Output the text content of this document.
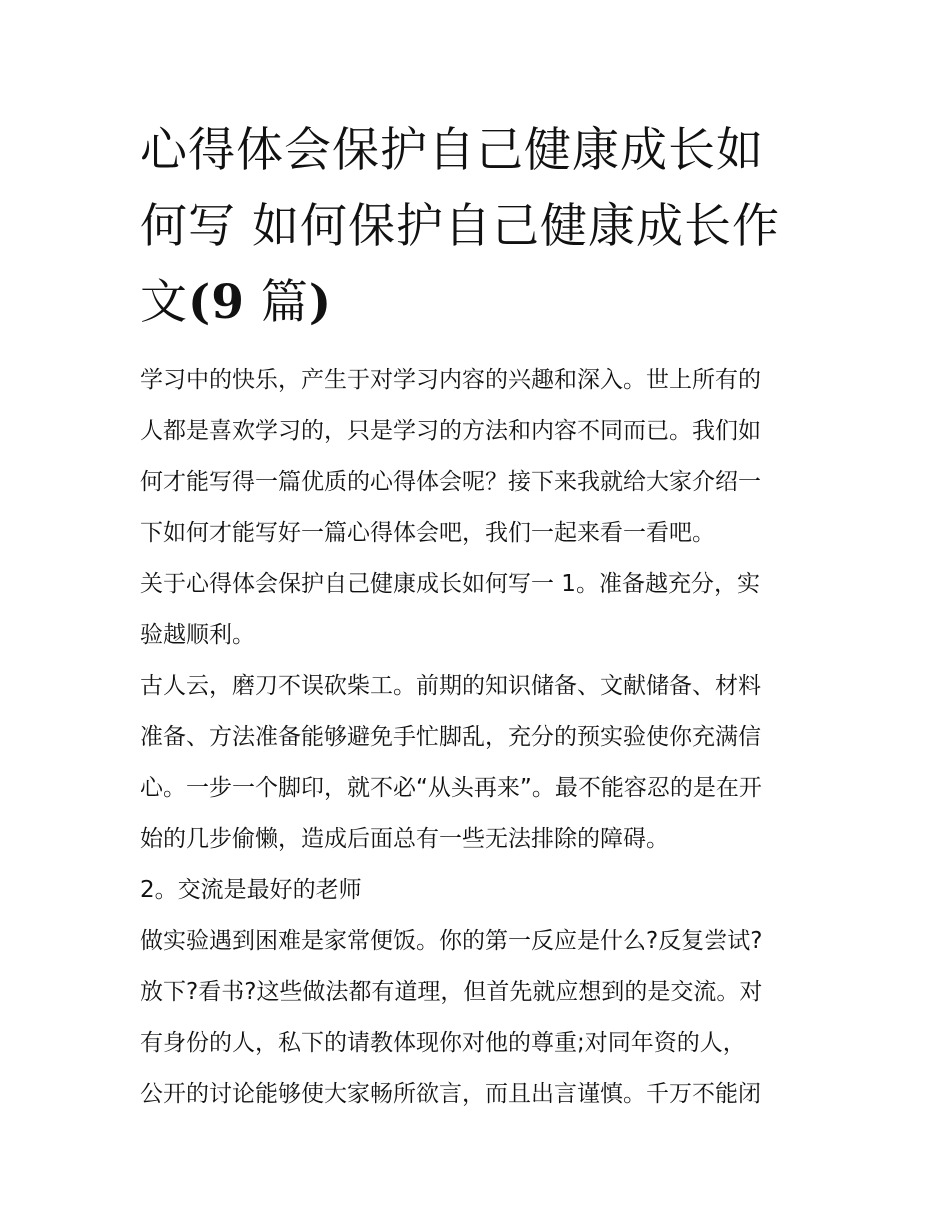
心得体会保护自己健康成长如
何写 如何保护自己健康成长作
文(9 篇)

学习中的快乐，产生于对学习内容的兴趣和深入。世上所有的

人都是喜欢学习的，只是学习的方法和内容不同而已。我们如

何才能写得一篇优质的心得体会呢？接下来我就给大家介绍一

下如何才能写好一篇心得体会吧，我们一起来看一看吧。

关于心得体会保护自己健康成长如何写一 1。准备越充分，实

验越顺利。

古人云，磨刀不误砍柴工。前期的知识储备、文献储备、材料

准备、方法准备能够避免手忙脚乱，充分的预实验使你充满信

心。一步一个脚印，就不必“从头再来”。最不能容忍的是在开

始的几步偷懒，造成后面总有一些无法排除的障碍。

2。交流是最好的老师

做实验遇到困难是家常便饭。你的第一反应是什么?反复尝试?

放下?看书?这些做法都有道理，但首先就应想到的是交流。对

有身份的人，私下的请教体现你对他的尊重;对同年资的人，

公开的讨论能够使大家畅所欲言，而且出言谨慎。千万不能闭
